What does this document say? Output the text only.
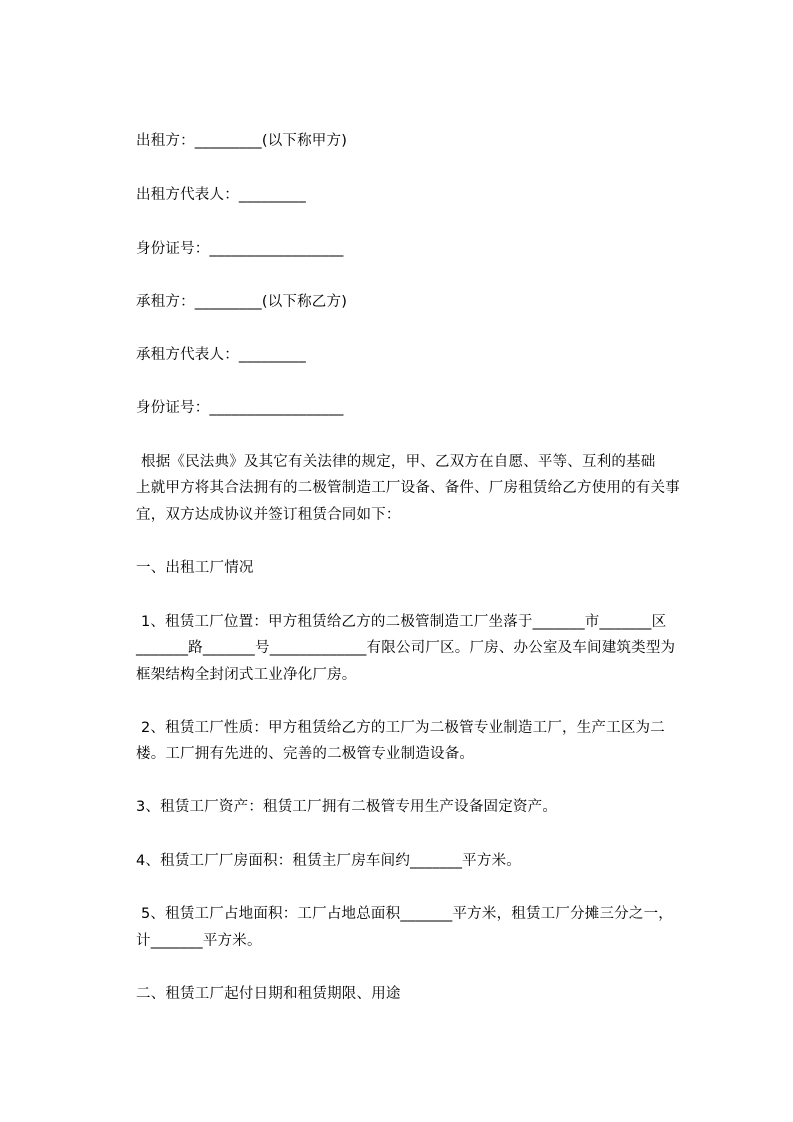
出租方：_________(以下称甲方)

出租方代表人：_________

身份证号：__________________

承租方：_________(以下称乙方)

承租方代表人：_________

身份证号：__________________

根据《民法典》及其它有关法律的规定，甲、乙双方在自愿、平等、互利的基础

上就甲方将其合法拥有的二极管制造工厂设备、备件、厂房租赁给乙方使用的有关事

宜，双方达成协议并签订租赁合同如下：

一、出租工厂情况

1、租赁工厂位置：甲方租赁给乙方的二极管制造工厂坐落于_______市_______区

_______路_______号_____________有限公司厂区。厂房、办公室及车间建筑类型为

框架结构全封闭式工业净化厂房。

2、租赁工厂性质：甲方租赁给乙方的工厂为二极管专业制造工厂，生产工区为二

楼。工厂拥有先进的、完善的二极管专业制造设备。

3、租赁工厂资产：租赁工厂拥有二极管专用生产设备固定资产。

4、租赁工厂厂房面积：租赁主厂房车间约_______平方米。

5、租赁工厂占地面积：工厂占地总面积_______平方米，租赁工厂分摊三分之一，

计_______平方米。

二、租赁工厂起付日期和租赁期限、用途
